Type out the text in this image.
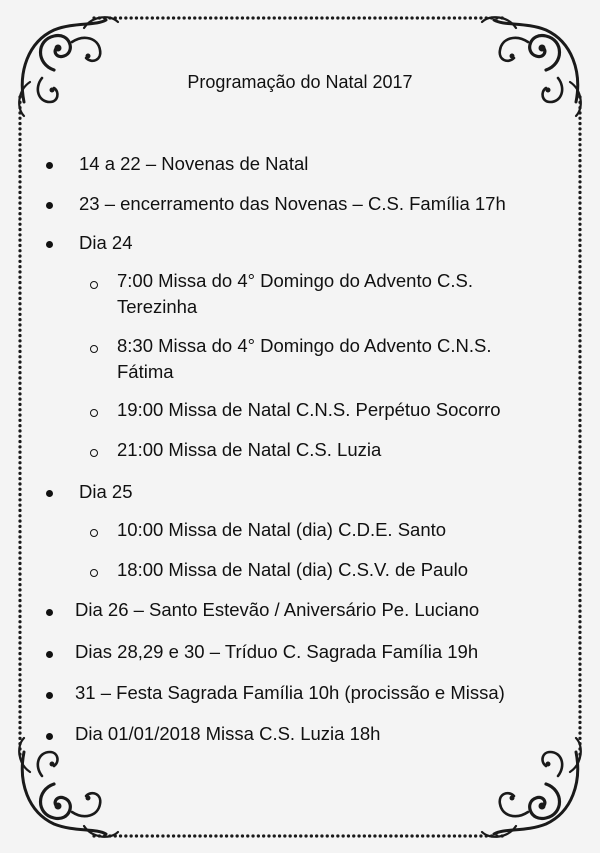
Programação do Natal 2017
14 a 22 – Novenas de Natal
23 – encerramento das Novenas – C.S. Família 17h
Dia 24
7:00 Missa do 4° Domingo do Advento C.S.
Terezinha
8:30 Missa do 4° Domingo do Advento C.N.S.
Fátima
19:00 Missa de Natal C.N.S. Perpétuo Socorro
21:00 Missa de Natal C.S. Luzia
Dia 25
10:00 Missa de Natal (dia) C.D.E. Santo
18:00 Missa de Natal (dia) C.S.V. de Paulo
Dia 26 – Santo Estevão / Aniversário Pe. Luciano
Dias 28,29 e 30 – Tríduo C. Sagrada Família 19h
31 – Festa Sagrada Família 10h (procissão e Missa)
Dia 01/01/2018 Missa C.S. Luzia 18h
